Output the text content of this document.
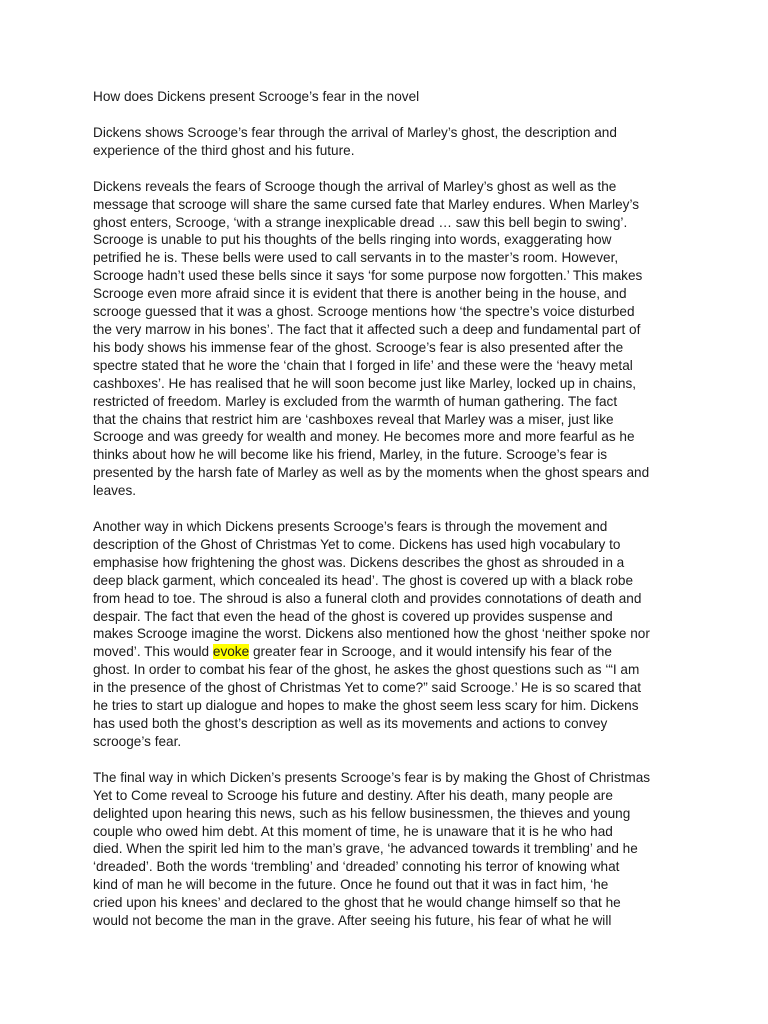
How does Dickens present Scrooge’s fear in the novel

Dickens shows Scrooge’s fear through the arrival of Marley’s ghost, the description and
experience of the third ghost and his future.
Dickens reveals the fears of Scrooge though the arrival of Marley’s ghost as well as the
message that scrooge will share the same cursed fate that Marley endures. When Marley’s
ghost enters, Scrooge, ‘with a strange inexplicable dread … saw this bell begin to swing’.
Scrooge is unable to put his thoughts of the bells ringing into words, exaggerating how
petrified he is. These bells were used to call servants in to the master’s room. However,
Scrooge hadn’t used these bells since it says ‘for some purpose now forgotten.’ This makes
Scrooge even more afraid since it is evident that there is another being in the house, and
scrooge guessed that it was a ghost. Scrooge mentions how ‘the spectre’s voice disturbed
the very marrow in his bones’. The fact that it affected such a deep and fundamental part of
his body shows his immense fear of the ghost. Scrooge’s fear is also presented after the
spectre stated that he wore the ‘chain that I forged in life’ and these were the ‘heavy metal
cashboxes’. He has realised that he will soon become just like Marley, locked up in chains,
restricted of freedom. Marley is excluded from the warmth of human gathering. The fact
that the chains that restrict him are ‘cashboxes reveal that Marley was a miser, just like
Scrooge and was greedy for wealth and money. He becomes more and more fearful as he
thinks about how he will become like his friend, Marley, in the future. Scrooge’s fear is
presented by the harsh fate of Marley as well as by the moments when the ghost spears and
leaves.
Another way in which Dickens presents Scrooge’s fears is through the movement and
description of the Ghost of Christmas Yet to come. Dickens has used high vocabulary to
emphasise how frightening the ghost was. Dickens describes the ghost as shrouded in a
deep black garment, which concealed its head’. The ghost is covered up with a black robe
from head to toe. The shroud is also a funeral cloth and provides connotations of death and
despair. The fact that even the head of the ghost is covered up provides suspense and
makes Scrooge imagine the worst. Dickens also mentioned how the ghost ‘neither spoke nor
moved’. This would evoke greater fear in Scrooge, and it would intensify his fear of the
ghost. In order to combat his fear of the ghost, he askes the ghost questions such as ‘“I am
in the presence of the ghost of Christmas Yet to come?” said Scrooge.’ He is so scared that
he tries to start up dialogue and hopes to make the ghost seem less scary for him. Dickens
has used both the ghost’s description as well as its movements and actions to convey
scrooge’s fear.
The final way in which Dicken’s presents Scrooge’s fear is by making the Ghost of Christmas
Yet to Come reveal to Scrooge his future and destiny. After his death, many people are
delighted upon hearing this news, such as his fellow businessmen, the thieves and young
couple who owed him debt. At this moment of time, he is unaware that it is he who had
died. When the spirit led him to the man’s grave, ‘he advanced towards it trembling’ and he
‘dreaded’. Both the words ‘trembling’ and ‘dreaded’ connoting his terror of knowing what
kind of man he will become in the future. Once he found out that it was in fact him, ‘he
cried upon his knees’ and declared to the ghost that he would change himself so that he
would not become the man in the grave. After seeing his future, his fear of what he will
